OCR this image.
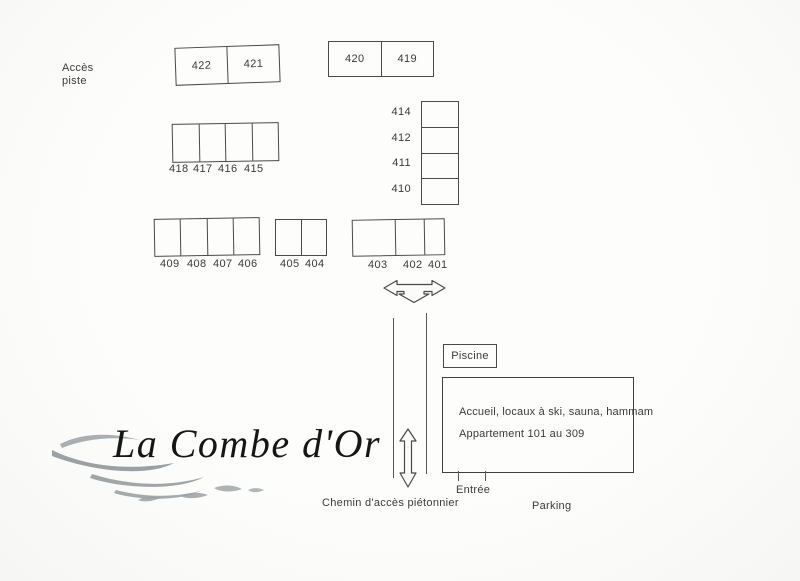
Accès
piste
422	421	420	419
414
412
411
410
418 417 416 415
409 408 407 406 405 404	403 402 401
Piscine
Accueil, locaux à ski, sauna, hammam
Appartement 101 au 309
Entrée
Parking
Chemin d'accès piétonnier
La Combe d'Or
